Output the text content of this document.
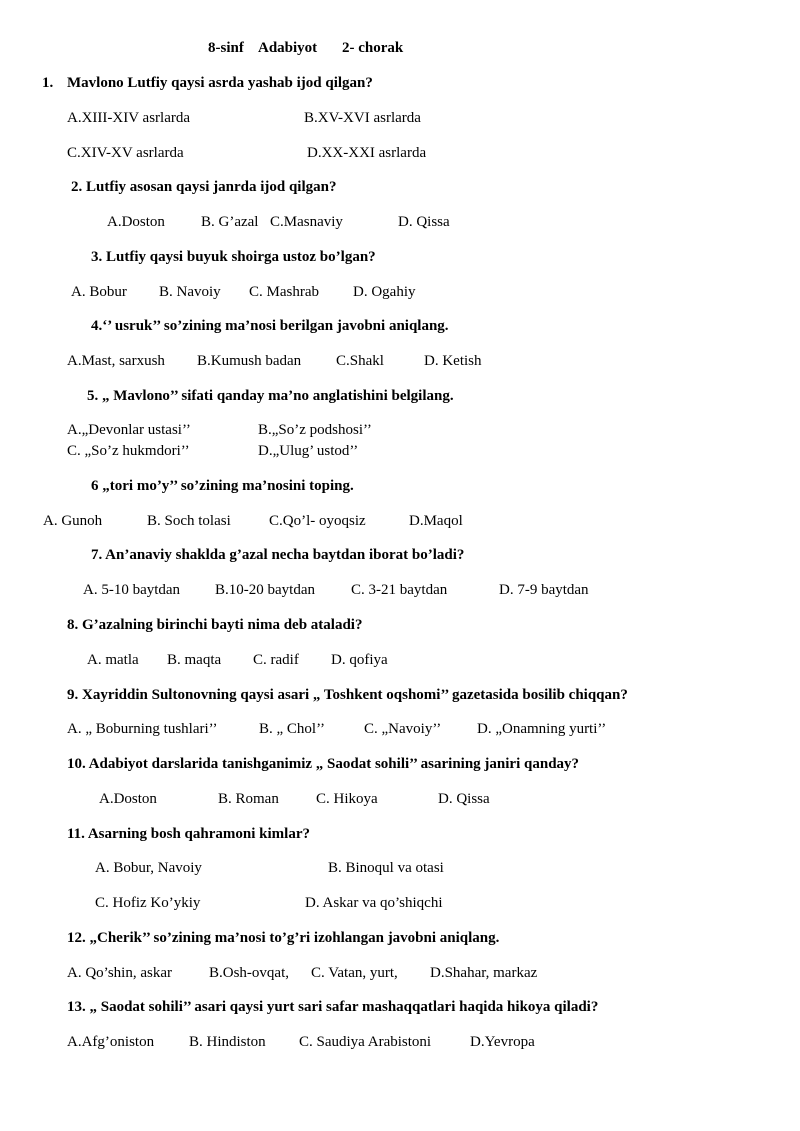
8-sinf Adabiyot 2- chorak
1. Mavlono Lutfiy qaysi asrda yashab ijod qilgan?
A.XIII-XIV asrlarda	B.XV-XVI asrlarda
C.XIV-XV asrlarda	D.XX-XXI asrlarda
2. Lutfiy asosan qaysi janrda ijod qilgan?
A.Doston B. G’azal C.Masnaviy	D. Qissa
3. Lutfiy qaysi buyuk shoirga ustoz bo’lgan?
A. Bobur B. Navoiy C. Mashrab D. Ogahiy
4.‘’ usruk’’ so’zining ma’nosi berilgan javobni aniqlang.
A.Mast, sarxush B.Kumush badan C.Shakl	D. Ketish
5. „ Mavlono’’ sifati qanday ma’no anglatishini belgilang.
A.„Devonlar ustasi’’	B.„So’z podshosi’’
C. „So’z hukmdori’’	D.„Ulug’ ustod’’
6 „tori mo’y’’ so’zining ma’nosini toping.
A. Gunoh	B. Soch tolasi	C.Qo’l- oyoqsiz	D.Maqol
7. An’anaviy shaklda g’azal necha baytdan iborat bo’ladi?
A. 5-10 baytdan B.10-20 baytdan C. 3-21 baytdan	D. 7-9 baytdan
8. G’azalning birinchi bayti nima deb ataladi?
A. matla B. maqta C. radif D. qofiya
9. Xayriddin Sultonovning qaysi asari „ Toshkent oqshomi’’ gazetasida bosilib chiqqan?
A. „ Boburning tushlari’’	B. „ Chol’’	C. „Navoiy’’ D. „Onamning yurti’’
10. Adabiyot darslarida tanishganimiz „ Saodat sohili’’ asarining janiri qanday?
A.Doston	B. Roman C. Hikoya	D. Qissa
11. Asarning bosh qahramoni kimlar?
A. Bobur, Navoiy	B. Binoqul va otasi
C. Hofiz Ko’ykiy	D. Askar va qo’shiqchi
12. „Cherik’’ so’zining ma’nosi to’g’ri izohlangan javobni aniqlang.
A. Qo’shin, askar B.Osh-ovqat, C. Vatan, yurt, D.Shahar, markaz
13. „ Saodat sohili’’ asari qaysi yurt sari safar mashaqqatlari haqida hikoya qiladi?
A.Afg’oniston B. Hindiston C. Saudiya Arabistoni	D.Yevropa
